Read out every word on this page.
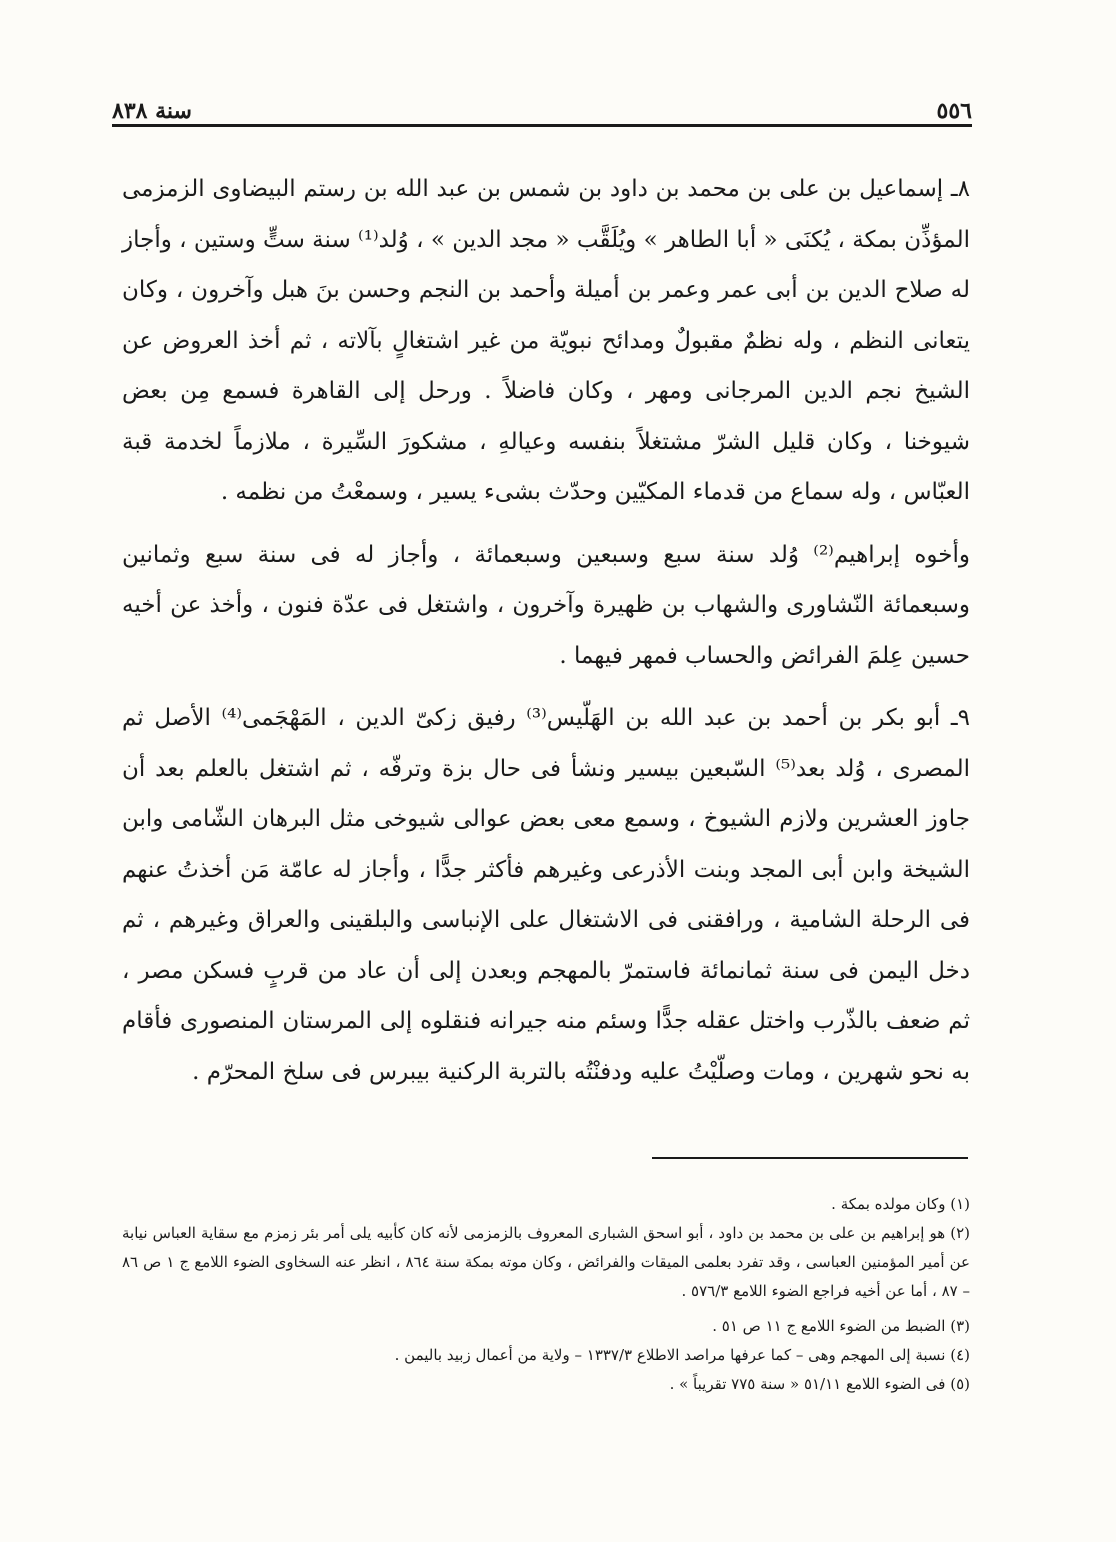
٥٥٦
سنة ٨٣٨

٨ـ إسماعيل بن على بن محمد بن داود بن شمس بن عبد الله بن رستم البيضاوى الزمزمى المؤذِّن بمكة ، يُكنَى « أبا الطاهر » ويُلَقَّب « مجد الدين » ، وُلد⁽¹⁾ سنة ستٍّ وستين ، وأجاز له صلاح الدين بن أبى عمر وعمر بن أميلة وأحمد بن النجم وحسن بنَ هبل وآخرون ، وكان يتعانى النظم ، وله نظمٌ مقبولٌ ومدائح نبويّة من غير اشتغالٍ بآلاته ، ثم أخذ العروض عن الشيخ نجم الدين المرجانى ومهر ، وكان فاضلاً . ورحل إلى القاهرة فسمع مِن بعض شيوخنا ، وكان قليل الشرّ مشتغلاً بنفسه وعيالهِ ، مشكورَ السِّيرة ، ملازماً لخدمة قبة العبّاس ، وله سماع من قدماء المكيّين وحدّث بشىء يسير ، وسمعْتُ من نظمه .

وأخوه إبراهيم⁽²⁾ وُلد سنة سبع وسبعين وسبعمائة ، وأجاز له فى سنة سبع وثمانين وسبعمائة النّشاورى والشهاب بن ظهيرة وآخرون ، واشتغل فى عدّة فنون ، وأخذ عن أخيه حسين عِلمَ الفرائض والحساب فمهر فيهما .

٩ـ أبو بكر بن أحمد بن عبد الله بن الهَلّيس⁽³⁾ رفيق زكىّ الدين ، المَهْجَمى⁽⁴⁾ الأصل ثم المصرى ، وُلد بعد⁽⁵⁾ السّبعين بيسير ونشأ فى حال بزة وترفّه ، ثم اشتغل بالعلم بعد أن جاوز العشرين ولازم الشيوخ ، وسمع معى بعض عوالى شيوخى مثل البرهان الشّامى وابن الشيخة وابن أبى المجد وبنت الأذرعى وغيرهم فأكثر جدًّا ، وأجاز له عامّة مَن أخذتُ عنهم فى الرحلة الشامية ، ورافقنى فى الاشتغال على الإنباسى والبلقينى والعراق وغيرهم ، ثم دخل اليمن فى سنة ثمانمائة فاستمرّ بالمهجم وبعدن إلى أن عاد من قربٍ فسكن مصر ، ثم ضعف بالذّرب واختل عقله جدًّا وسئم منه جيرانه فنقلوه إلى المرستان المنصورى فأقام به نحو شهرين ، ومات وصلّيْتُ عليه ودفنْتُه بالتربة الركنية بيبرس فى سلخ المحرّم .

(١) وكان مولده بمكة .

(٢) هو إبراهيم بن على بن محمد بن داود ، أبو اسحق الشبارى المعروف بالزمزمى لأنه كان كأبيه يلى أمر بئر زمزم مع سقاية العباس نيابة عن أمير المؤمنين العباسى ، وقد تفرد بعلمى الميقات والفرائض ، وكان موته بمكة سنة ٨٦٤ ، انظر عنه السخاوى الضوء اللامع ج ١ ص ٨٦ – ٨٧ ، أما عن أخيه فراجع الضوء اللامع ٥٧٦/٣ .

(٣) الضبط من الضوء اللامع ج ١١ ص ٥١ .

(٤) نسبة إلى المهجم وهى – كما عرفها مراصد الاطلاع ١٣٣٧/٣ – ولاية من أعمال زبيد باليمن .

(٥) فى الضوء اللامع ٥١/١١ « سنة ٧٧٥ تقريباً » .
